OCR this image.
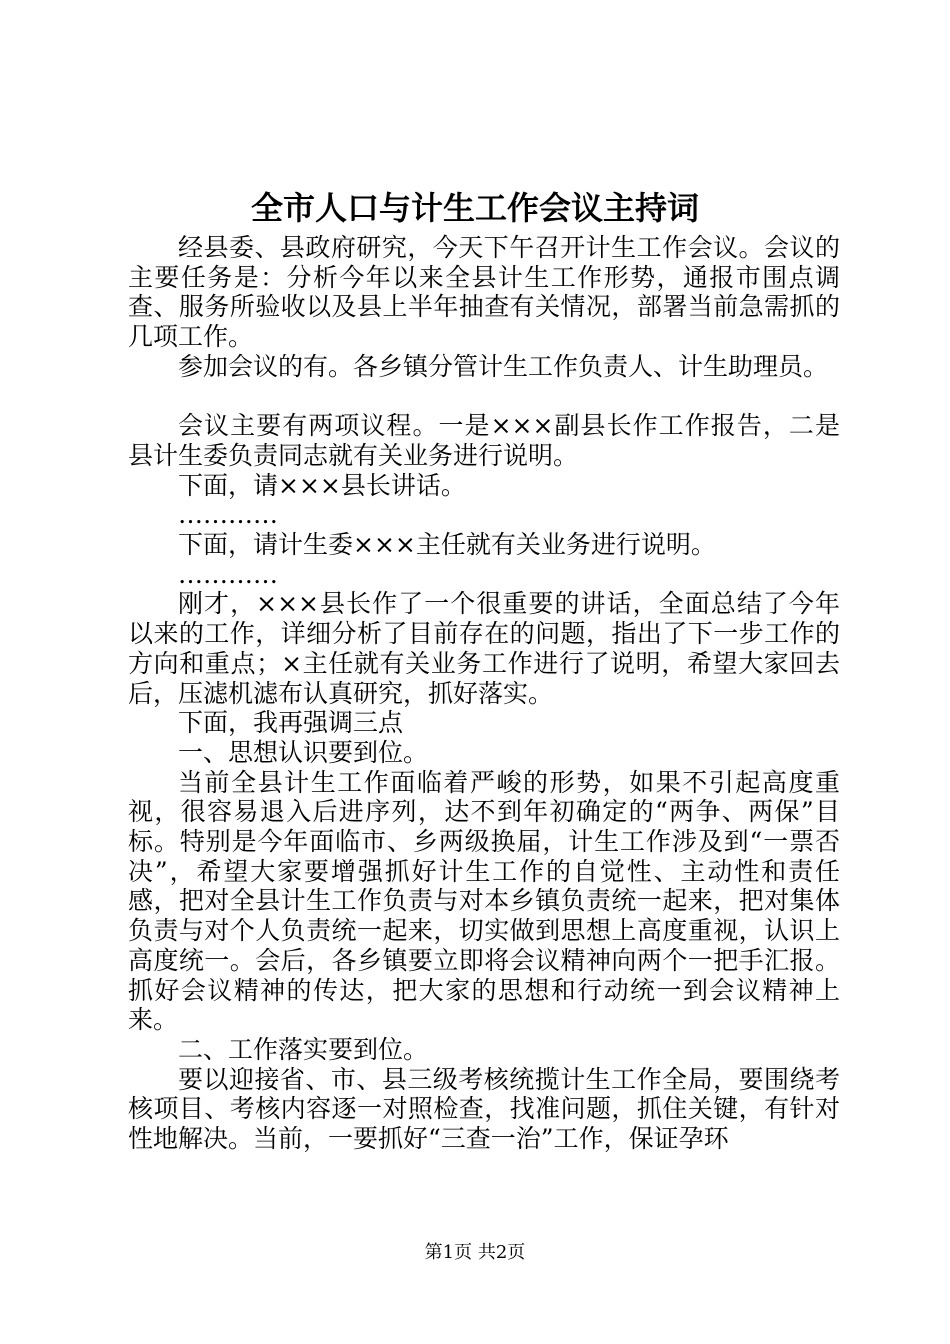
全市人口与计生工作会议主持词

经县委、县政府研究，今天下午召开计生工作会议。会议的主要任务是：分析今年以来全县计生工作形势，通报市围点调查、服务所验收以及县上半年抽查有关情况，部署当前急需抓的几项工作。

参加会议的有。各乡镇分管计生工作负责人、计生助理员。

会议主要有两项议程。一是×××副县长作工作报告，二是县计生委负责同志就有关业务进行说明。

下面，请×××县长讲话。

…………

下面，请计生委×××主任就有关业务进行说明。

…………

刚才，×××县长作了一个很重要的讲话，全面总结了今年以来的工作，详细分析了目前存在的问题，指出了下一步工作的方向和重点；×主任就有关业务工作进行了说明，希望大家回去后，压滤机滤布认真研究，抓好落实。

下面，我再强调三点

一、思想认识要到位。

当前全县计生工作面临着严峻的形势，如果不引起高度重视，很容易退入后进序列，达不到年初确定的“两争、两保”目标。特别是今年面临市、乡两级换届，计生工作涉及到“一票否决”，希望大家要增强抓好计生工作的自觉性、主动性和责任感，把对全县计生工作负责与对本乡镇负责统一起来，把对集体负责与对个人负责统一起来，切实做到思想上高度重视，认识上高度统一。会后，各乡镇要立即将会议精神向两个一把手汇报。抓好会议精神的传达，把大家的思想和行动统一到会议精神上来。

二、工作落实要到位。

要以迎接省、市、县三级考核统揽计生工作全局，要围绕考核项目、考核内容逐一对照检查，找准问题，抓住关键，有针对性地解决。当前，一要抓好“三查一治”工作，保证孕环

第1页 共2页
